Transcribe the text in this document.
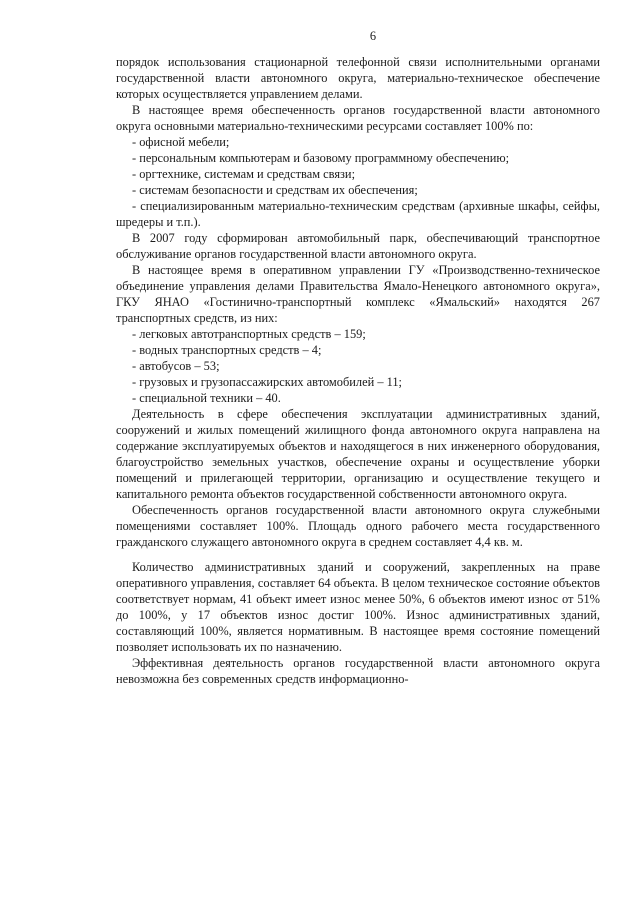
6

порядок использования стационарной телефонной связи исполнительными органами государственной власти автономного округа, материально-техническое обеспечение которых осуществляется управлением делами.

В настоящее время обеспеченность органов государственной власти автономного округа основными материально-техническими ресурсами составляет 100% по:

- офисной мебели;

- персональным компьютерам и базовому программному обеспечению;

- оргтехнике, системам и средствам связи;

- системам безопасности и средствам их обеспечения;

- специализированным материально-техническим средствам (архивные шкафы, сейфы, шредеры и т.п.).

В 2007 году сформирован автомобильный парк, обеспечивающий транспортное обслуживание органов государственной власти автономного округа.

В настоящее время в оперативном управлении ГУ «Производственно-техническое объединение управления делами Правительства Ямало-Ненецкого автономного округа», ГКУ ЯНАО «Гостинично-транспортный комплекс «Ямальский» находятся 267 транспортных средств, из них:

- легковых автотранспортных средств – 159;

- водных транспортных средств – 4;

- автобусов – 53;

- грузовых и грузопассажирских автомобилей – 11;

- специальной техники – 40.

Деятельность в сфере обеспечения эксплуатации административных зданий, сооружений и жилых помещений жилищного фонда автономного округа направлена на содержание эксплуатируемых объектов и находящегося в них инженерного оборудования, благоустройство земельных участков, обеспечение охраны и осуществление уборки помещений и прилегающей территории, организацию и осуществление текущего и капитального ремонта объектов государственной собственности автономного округа.

Обеспеченность органов государственной власти автономного округа служебными помещениями составляет 100%. Площадь одного рабочего места государственного гражданского служащего автономного округа в среднем составляет 4,4 кв. м.

Количество административных зданий и сооружений, закрепленных на праве оперативного управления, составляет 64 объекта. В целом техническое состояние объектов соответствует нормам, 41 объект имеет износ менее 50%, 6 объектов имеют износ от 51% до 100%, у 17 объектов износ достиг 100%. Износ административных зданий, составляющий 100%, является нормативным. В настоящее время состояние помещений позволяет использовать их по назначению.

Эффективная деятельность органов государственной власти автономного округа невозможна без современных средств информационно-
